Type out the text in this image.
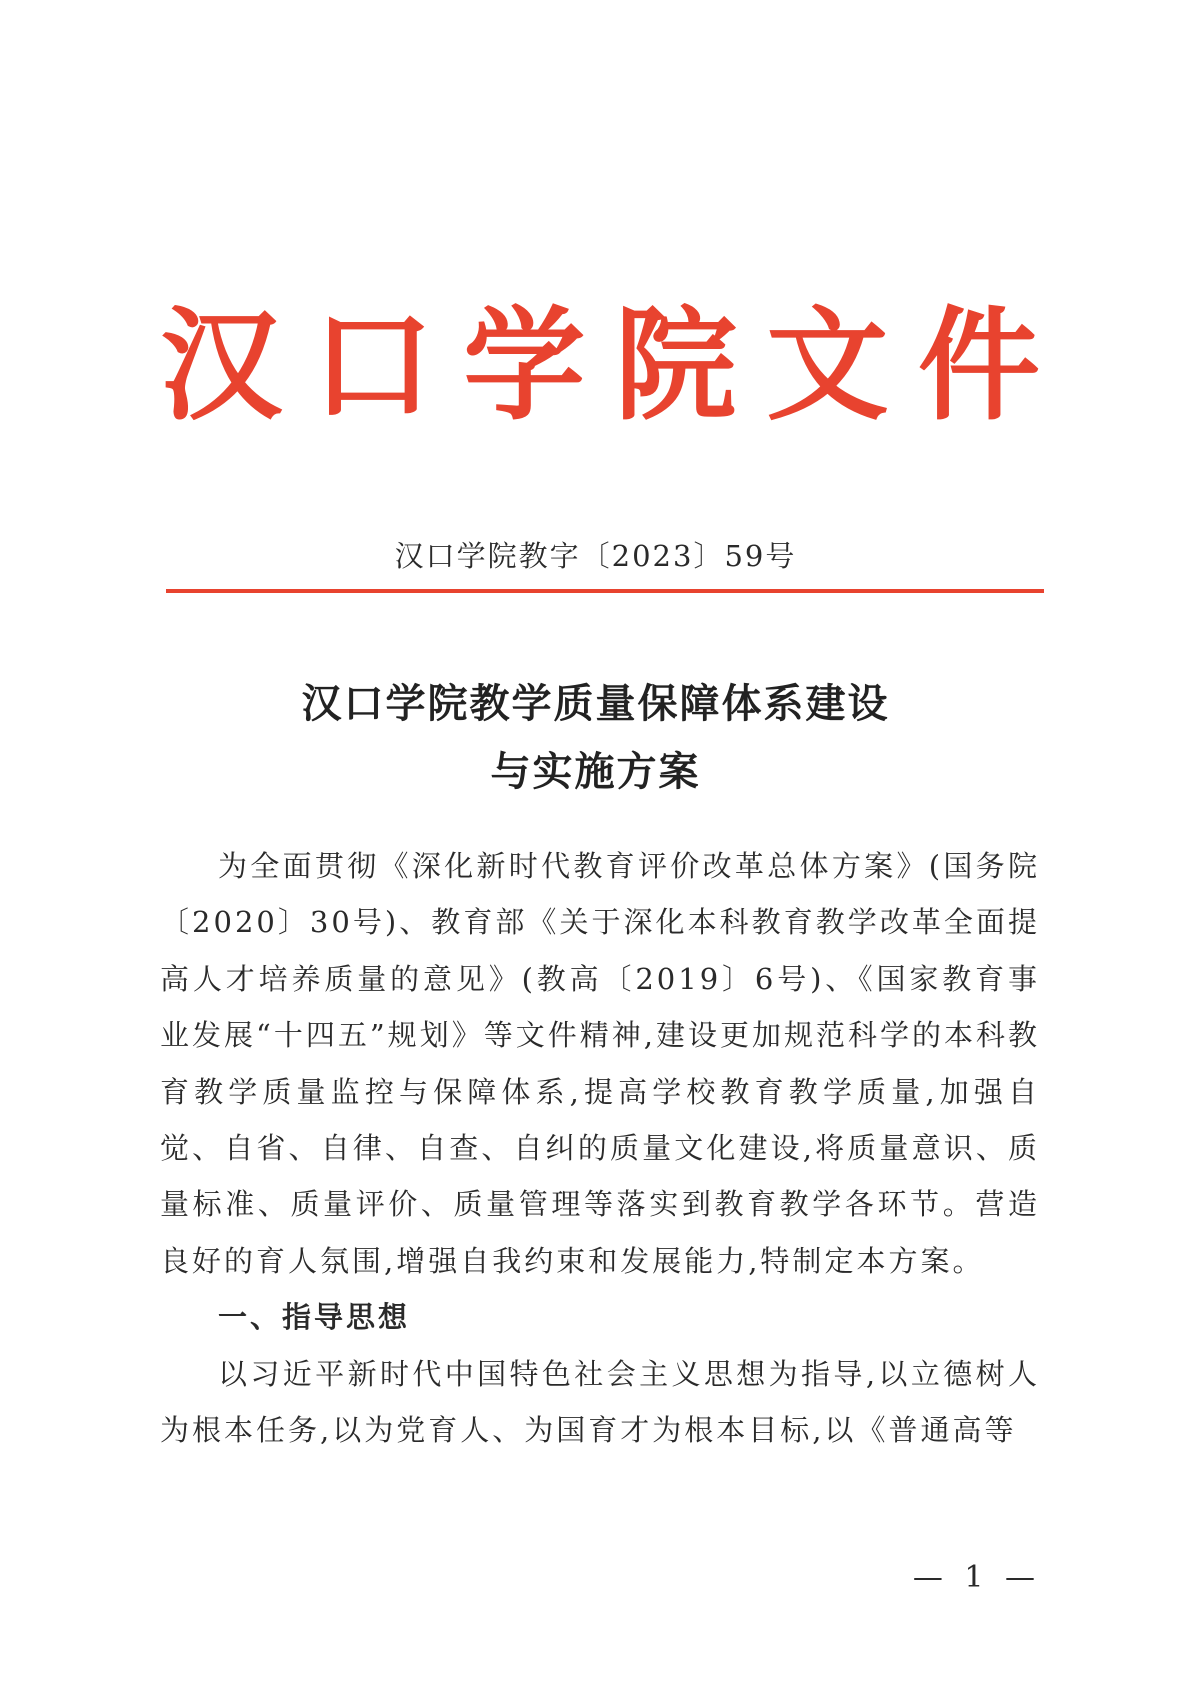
汉 口 学 院 文 件
汉口学院教字〔2023〕59号
汉口学院教学质量保障体系建设
与实施方案

为全面贯彻《深化新时代教育评价改革总体方案》(国务院〔2020〕30号)、教育部《关于深化本科教育教学改革全面提高人才培养质量的意见》(教高〔2019〕6号)、《国家教育事业发展“十四五”规划》等文件精神,建设更加规范科学的本科教育教学质量监控与保障体系,提高学校教育教学质量,加强自觉、自省、自律、自查、自纠的质量文化建设,将质量意识、质量标准、质量评价、质量管理等落实到教育教学各环节。营造良好的育人氛围,增强自我约束和发展能力,特制定本方案。

一、指导思想

以习近平新时代中国特色社会主义思想为指导,以立德树人为根本任务,以为党育人、为国育才为根本目标,以《普通高等

— 1 —
